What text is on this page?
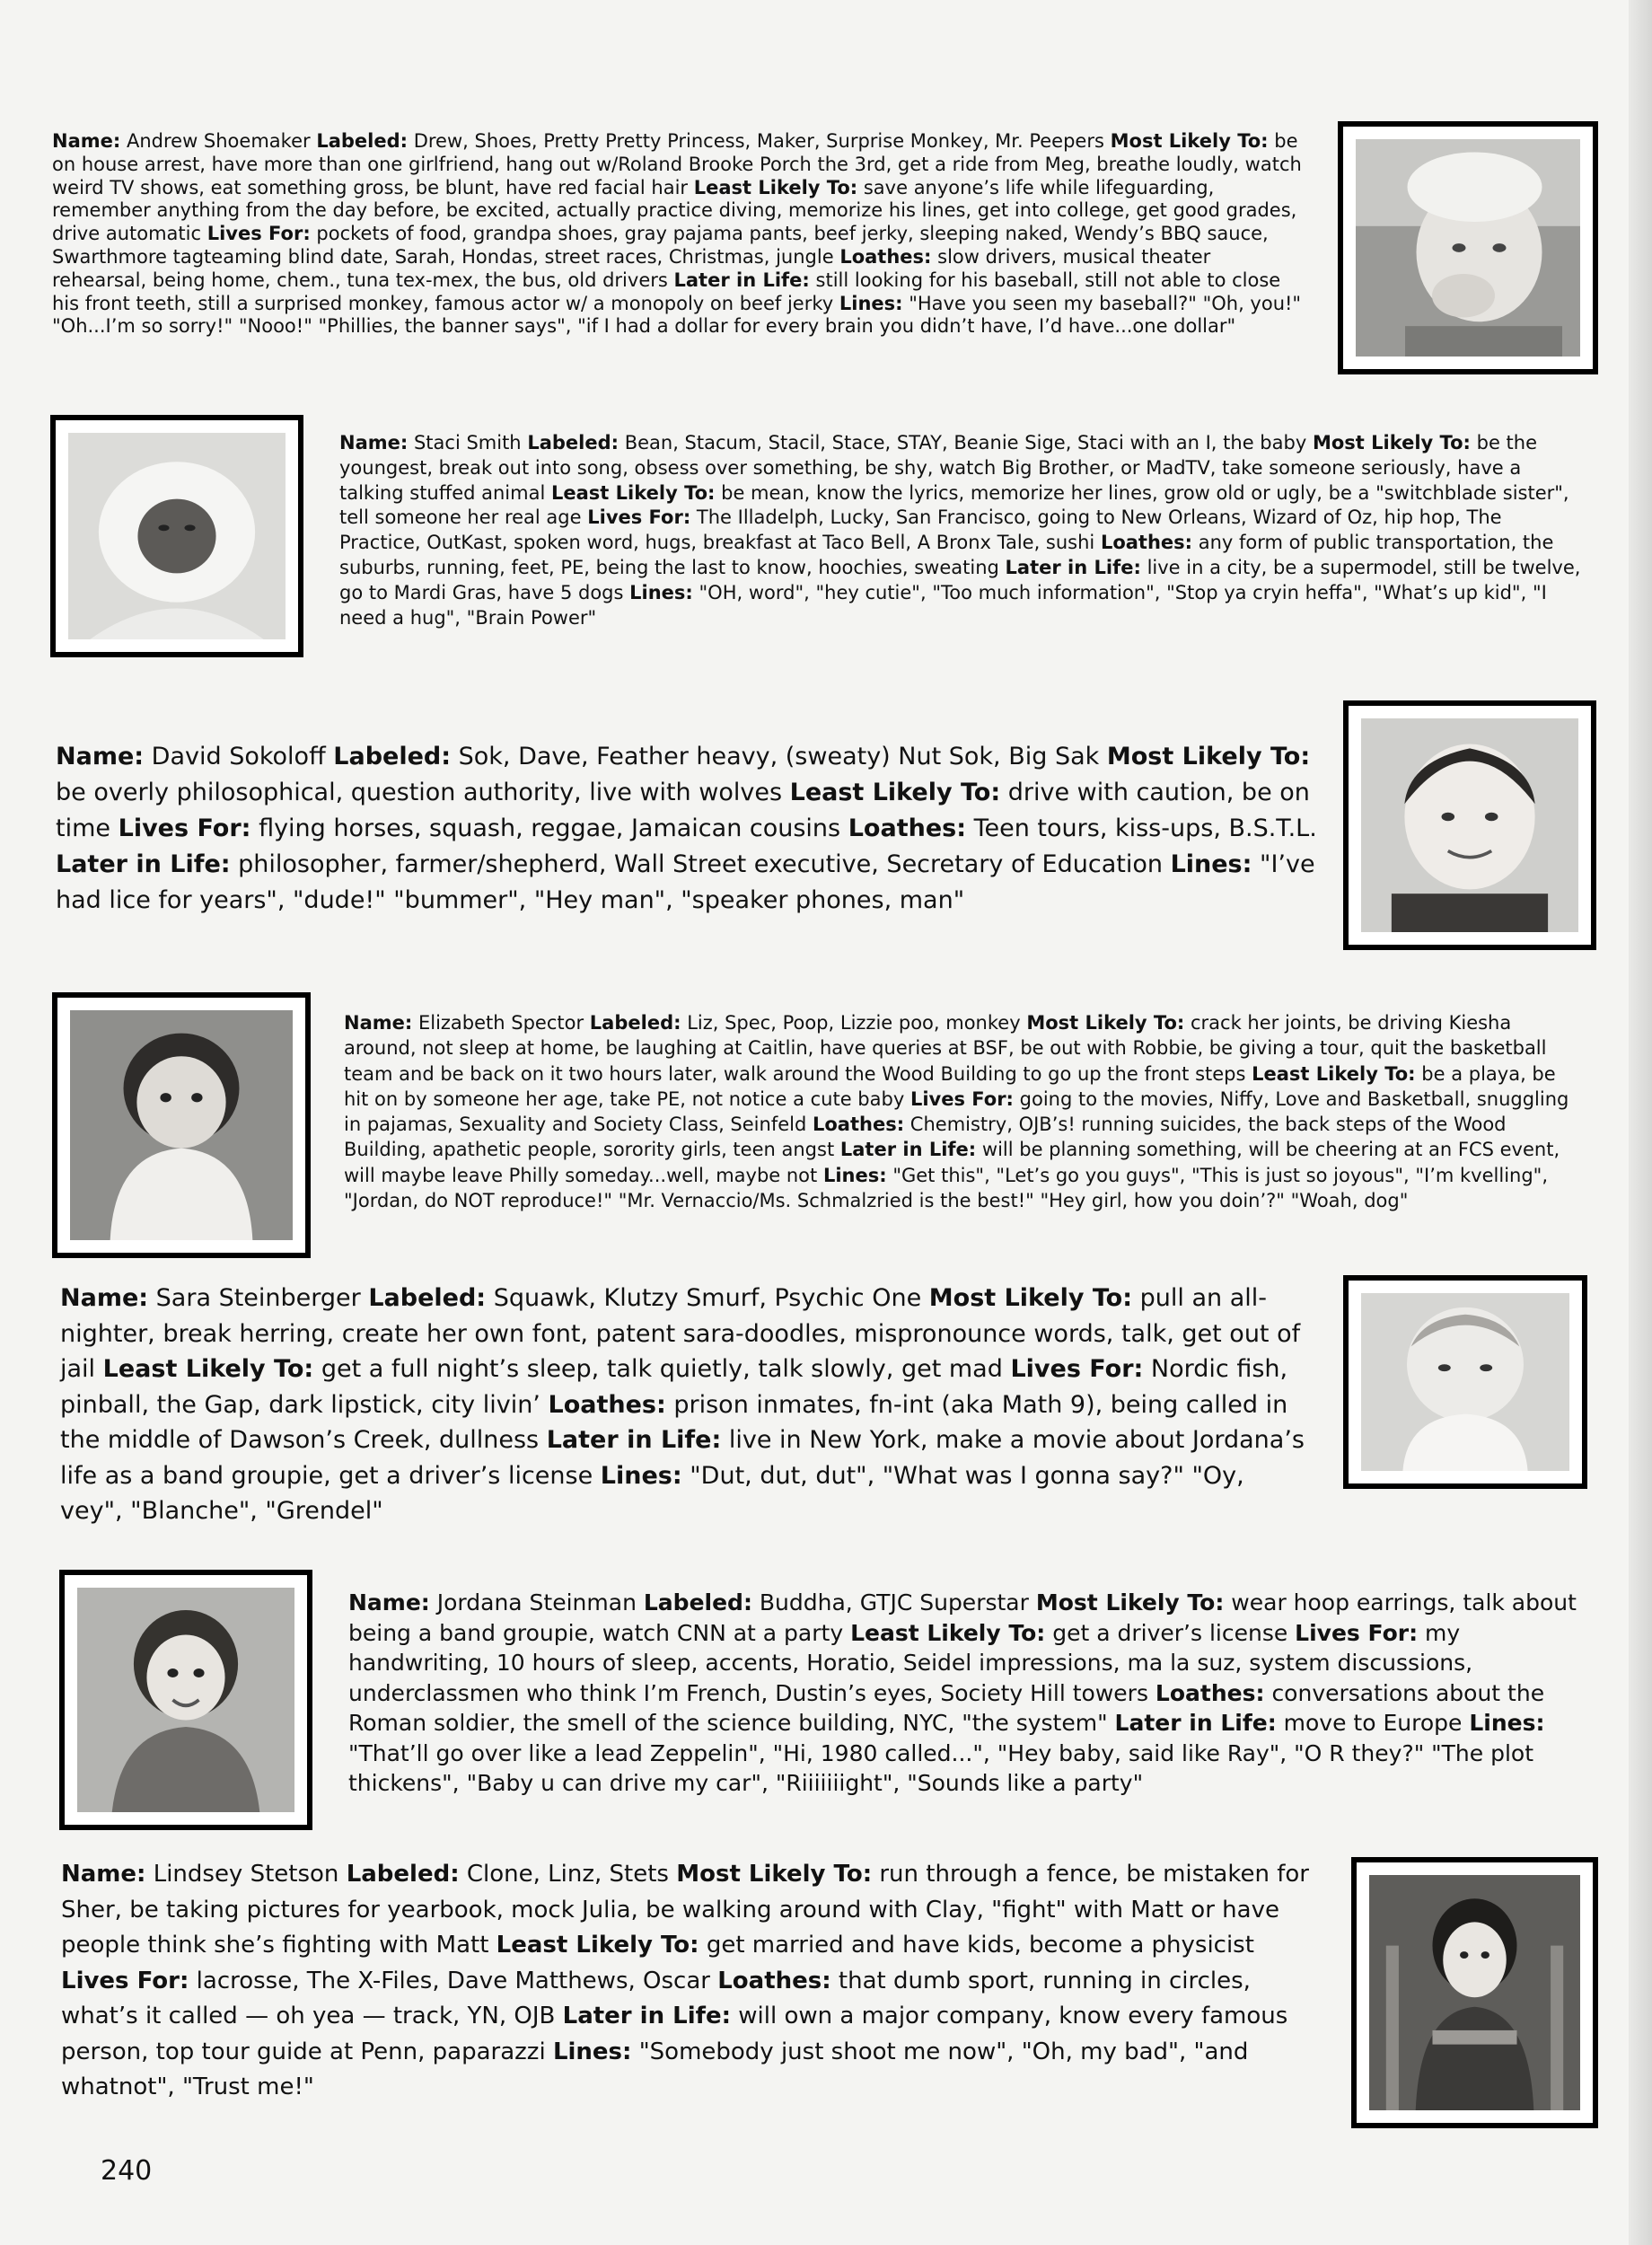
Name: Andrew Shoemaker Labeled: Drew, Shoes, Pretty Pretty Princess, Maker, Surprise Monkey, Mr. Peepers Most Likely To: be on house arrest, have more than one girlfriend, hang out w/Roland Brooke Porch the 3rd, get a ride from Meg, breathe loudly, watch weird TV shows, eat something gross, be blunt, have red facial hair Least Likely To: save anyone’s life while lifeguarding, remember anything from the day before, be excited, actually practice diving, memorize his lines, get into college, get good grades, drive automatic Lives For: pockets of food, grandpa shoes, gray pajama pants, beef jerky, sleeping naked, Wendy’s BBQ sauce, Swarthmore tagteaming blind date, Sarah, Hondas, street races, Christmas, jungle Loathes: slow drivers, musical theater rehearsal, being home, chem., tuna tex-mex, the bus, old drivers Later in Life: still looking for his baseball, still not able to close his front teeth, still a surprised monkey, famous actor w/ a monopoly on beef jerky Lines: "Have you seen my baseball?" "Oh, you!" "Oh...I’m so sorry!" "Nooo!" "Phillies, the banner says", "if I had a dollar for every brain you didn’t have, I’d have...one dollar"

Name: Staci Smith Labeled: Bean, Stacum, Stacil, Stace, STAY, Beanie Sige, Staci with an I, the baby Most Likely To: be the youngest, break out into song, obsess over something, be shy, watch Big Brother, or MadTV, take someone seriously, have a talking stuffed animal Least Likely To: be mean, know the lyrics, memorize her lines, grow old or ugly, be a "switchblade sister", tell someone her real age Lives For: The Illadelph, Lucky, San Francisco, going to New Orleans, Wizard of Oz, hip hop, The Practice, OutKast, spoken word, hugs, breakfast at Taco Bell, A Bronx Tale, sushi Loathes: any form of public transportation, the suburbs, running, feet, PE, being the last to know, hoochies, sweating Later in Life: live in a city, be a supermodel, still be twelve, go to Mardi Gras, have 5 dogs Lines: "OH, word", "hey cutie", "Too much information", "Stop ya cryin heffa", "What’s up kid", "I need a hug", "Brain Power"

Name: David Sokoloff Labeled: Sok, Dave, Feather heavy, (sweaty) Nut Sok, Big Sak Most Likely To: be overly philosophical, question authority, live with wolves Least Likely To: drive with caution, be on time Lives For: flying horses, squash, reggae, Jamaican cousins Loathes: Teen tours, kiss-ups, B.S.T.L. Later in Life: philosopher, farmer/shepherd, Wall Street executive, Secretary of Education Lines: "I’ve had lice for years", "dude!" "bummer", "Hey man", "speaker phones, man"

Name: Elizabeth Spector Labeled: Liz, Spec, Poop, Lizzie poo, monkey Most Likely To: crack her joints, be driving Kiesha around, not sleep at home, be laughing at Caitlin, have queries at BSF, be out with Robbie, be giving a tour, quit the basketball team and be back on it two hours later, walk around the Wood Building to go up the front steps Least Likely To: be a playa, be hit on by someone her age, take PE, not notice a cute baby Lives For: going to the movies, Niffy, Love and Basketball, snuggling in pajamas, Sexuality and Society Class, Seinfeld Loathes: Chemistry, OJB’s! running suicides, the back steps of the Wood Building, apathetic people, sorority girls, teen angst Later in Life: will be planning something, will be cheering at an FCS event, will maybe leave Philly someday...well, maybe not Lines: "Get this", "Let’s go you guys", "This is just so joyous", "I’m kvelling", "Jordan, do NOT reproduce!" "Mr. Vernaccio/Ms. Schmalzried is the best!" "Hey girl, how you doin’?" "Woah, dog"

Name: Sara Steinberger Labeled: Squawk, Klutzy Smurf, Psychic One Most Likely To: pull an all-nighter, break herring, create her own font, patent sara-doodles, mispronounce words, talk, get out of jail Least Likely To: get a full night’s sleep, talk quietly, talk slowly, get mad Lives For: Nordic fish, pinball, the Gap, dark lipstick, city livin’ Loathes: prison inmates, fn-int (aka Math 9), being called in the middle of Dawson’s Creek, dullness Later in Life: live in New York, make a movie about Jordana’s life as a band groupie, get a driver’s license Lines: "Dut, dut, dut", "What was I gonna say?" "Oy, vey", "Blanche", "Grendel"

Name: Jordana Steinman Labeled: Buddha, GTJC Superstar Most Likely To: wear hoop earrings, talk about being a band groupie, watch CNN at a party Least Likely To: get a driver’s license Lives For: my handwriting, 10 hours of sleep, accents, Horatio, Seidel impressions, ma la suz, system discussions, underclassmen who think I’m French, Dustin’s eyes, Society Hill towers Loathes: conversations about the Roman soldier, the smell of the science building, NYC, "the system" Later in Life: move to Europe Lines: "That’ll go over like a lead Zeppelin", "Hi, 1980 called...", "Hey baby, said like Ray", "O R they?" "The plot thickens", "Baby u can drive my car", "Riiiiiiight", "Sounds like a party"

Name: Lindsey Stetson Labeled: Clone, Linz, Stets Most Likely To: run through a fence, be mistaken for Sher, be taking pictures for yearbook, mock Julia, be walking around with Clay, "fight" with Matt or have people think she’s fighting with Matt Least Likely To: get married and have kids, become a physicist Lives For: lacrosse, The X-Files, Dave Matthews, Oscar Loathes: that dumb sport, running in circles, what’s it called — oh yea — track, YN, OJB Later in Life: will own a major company, know every famous person, top tour guide at Penn, paparazzi Lines: "Somebody just shoot me now", "Oh, my bad", "and whatnot", "Trust me!"

240
